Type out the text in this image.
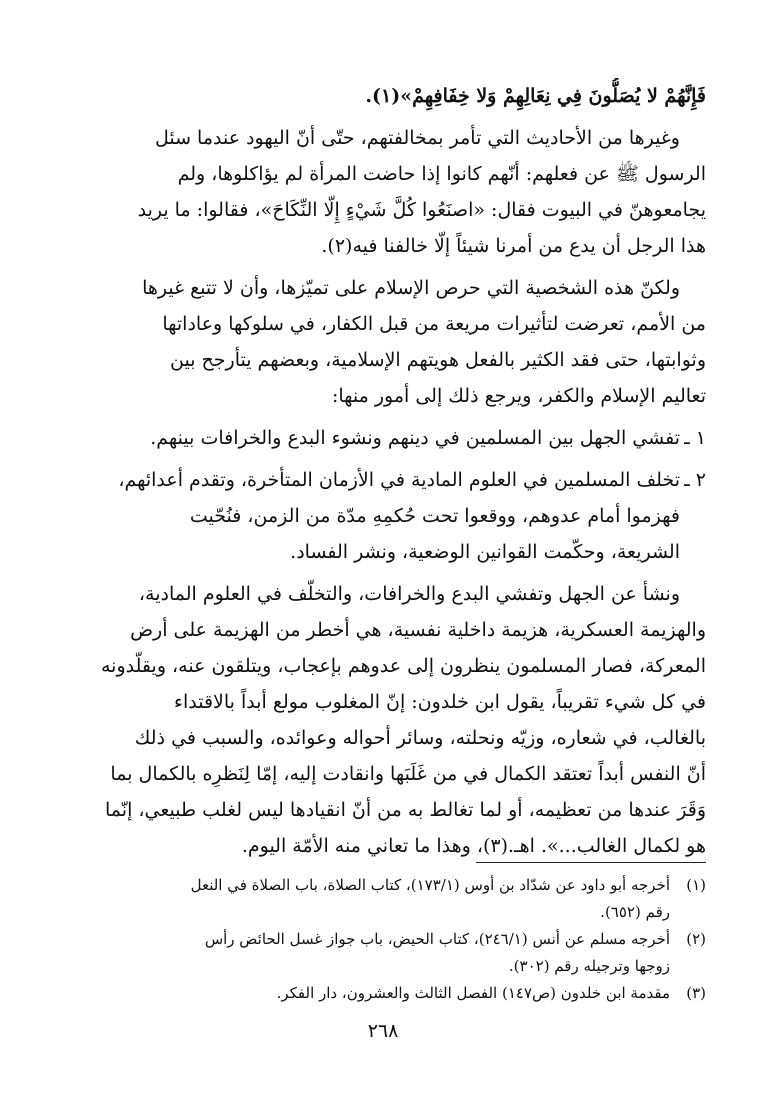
فَإِنَّهُمْ لا يُصَلُّونَ فِي نِعَالِهِمْ وَلا خِفَافِهِمْ»(١).
وغيرها من الأحاديث التي تأمر بمخالفتهم، حتّى أنّ اليهود عندما سئل
الرسول ﷺ عن فعلهم: أنّهم كانوا إذا حاضت المرأة لم يؤاكلوها، ولم
يجامعوهنّ في البيوت فقال: «اصنَعُوا كُلَّ شَيْءٍ إِلّا النِّكَاحَ»، فقالوا: ما يريد
هذا الرجل أن يدع من أمرنا شيئاً إلّا خالفنا فيه(٢).
ولكنّ هذه الشخصية التي حرص الإسلام على تميّزها، وأن لا تتبع غيرها
من الأمم، تعرضت لتأثيرات مريعة من قبل الكفار، في سلوكها وعاداتها
وثوابتها، حتى فقد الكثير بالفعل هويتهم الإسلامية، وبعضهم يتأرجح بين
تعاليم الإسلام والكفر، ويرجع ذلك إلى أمور منها:
١ ـتفشي الجهل بين المسلمين في دينهم ونشوء البدع والخرافات بينهم.
٢ ـتخلف المسلمين في العلوم المادية في الأزمان المتأخرة، وتقدم أعدائهم،
فهزموا أمام عدوهم، ووقعوا تحت حُكمِهِ مدّة من الزمن، فنُحّيت
الشريعة، وحكّمت القوانين الوضعية، ونشر الفساد.
ونشأ عن الجهل وتفشي البدع والخرافات، والتخلّف في العلوم المادية،
والهزيمة العسكرية، هزيمة داخلية نفسية، هي أخطر من الهزيمة على أرض
المعركة، فصار المسلمون ينظرون إلى عدوهم بإعجاب، ويتلقون عنه، ويقلّدونه
في كل شيء تقريباً، يقول ابن خلدون: إنّ المغلوب مولع أبداً بالاقتداء
بالغالب، في شعاره، وزيّه ونحلته، وسائر أحواله وعوائده، والسبب في ذلك
أنّ النفس أبداً تعتقد الكمال في من غَلَبَها وانقادت إليه، إمّا لِنَظرِه بالكمال بما
وَقَرَ عندها من تعظيمه، أو لما تغالط به من أنّ انقيادها ليس لغلب طبيعي، إنّما
هو لكمال الغالب...». اهـ.(٣)، وهذا ما تعاني منه الأمّة اليوم.
(١)أخرجه أبو داود عن شدّاد بن أوس (١٧٣/١)، كتاب الصلاة، باب الصلاة في النعل
رقم (٦٥٢).
(٢)أخرجه مسلم عن أنس (٢٤٦/١)، كتاب الحيض، باب جواز غسل الحائض رأس
زوجها وترجيله رقم (٣٠٢).
(٣)مقدمة ابن خلدون (ص١٤٧) الفصل الثالث والعشرون، دار الفكر.
٢٦٨
